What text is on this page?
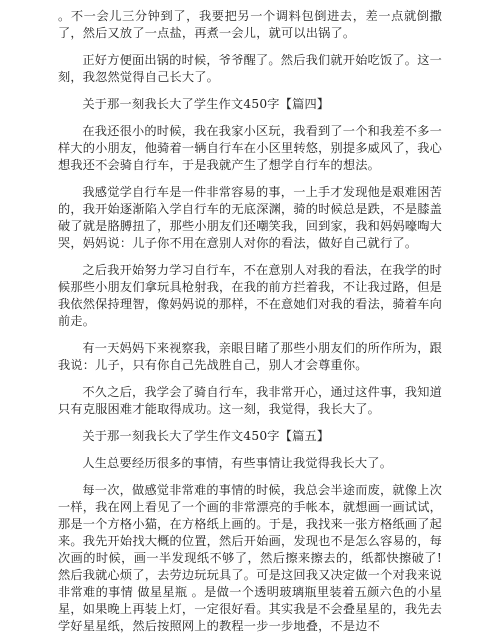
。不一会儿三分钟到了，我要把另一个调料包倒进去，差一点就倒撒了，然后又放了一点盐，再煮一会儿，就可以出锅了。

正好方便面出锅的时候，爷爷醒了。然后我们就开始吃饭了。这一刻，我忽然觉得自己长大了。

关于那一刻我长大了学生作文450字【篇四】

在我还很小的时候，我在我家小区玩，我看到了一个和我差不多一样大的小朋友，他骑着一辆自行车在小区里转悠，别提多威风了，我心想我还不会骑自行车，于是我就产生了想学自行车的想法。

我感觉学自行车是一件非常容易的事，一上手才发现他是艰难困苦的，我开始逐渐陷入学自行车的无底深渊，骑的时候总是跌，不是膝盖破了就是胳膊扭了，那些小朋友们还嘲笑我，回到家，我和妈妈嚎啕大哭，妈妈说：儿子你不用在意别人对你的看法，做好自己就行了。

之后我开始努力学习自行车，不在意别人对我的看法，在我学的时候那些小朋友们拿玩具枪射我，在我的前方拦着我，不让我过路，但是我依然保持理智，像妈妈说的那样，不在意她们对我的看法，骑着车向前走。

有一天妈妈下来视察我，亲眼目睹了那些小朋友们的所作所为，跟我说：儿子，只有你自己先战胜自己，别人才会尊重你。

不久之后，我学会了骑自行车，我非常开心，通过这件事，我知道只有克服困难才能取得成功。这一刻，我觉得，我长大了。

关于那一刻我长大了学生作文450字【篇五】

人生总要经历很多的事情，有些事情让我觉得我长大了。

每一次，做感觉非常难的事情的时候，我总会半途而废，就像上次一样，我在网上看见了一个画的非常漂亮的手帐本，就想画一画试试，那是一个方格小猫，在方格纸上画的。于是，我找来一张方格纸画了起来。我先开始找大概的位置，然后开始画，发现也不是怎么容易的，每次画的时候，画一半发现纸不够了，然后擦来擦去的，纸都快擦破了!然后我就心烦了，去劳边玩玩具了。可是这回我又决定做一个对我来说非常难的事情 做星星瓶 。是做一个透明玻璃瓶里装着五颜六色的小星星，如果晚上再装上灯，一定很好看。其实我是不会叠星星的，我先去学好星星纸，然后按照网上的教程一步一步地叠，不是边不
